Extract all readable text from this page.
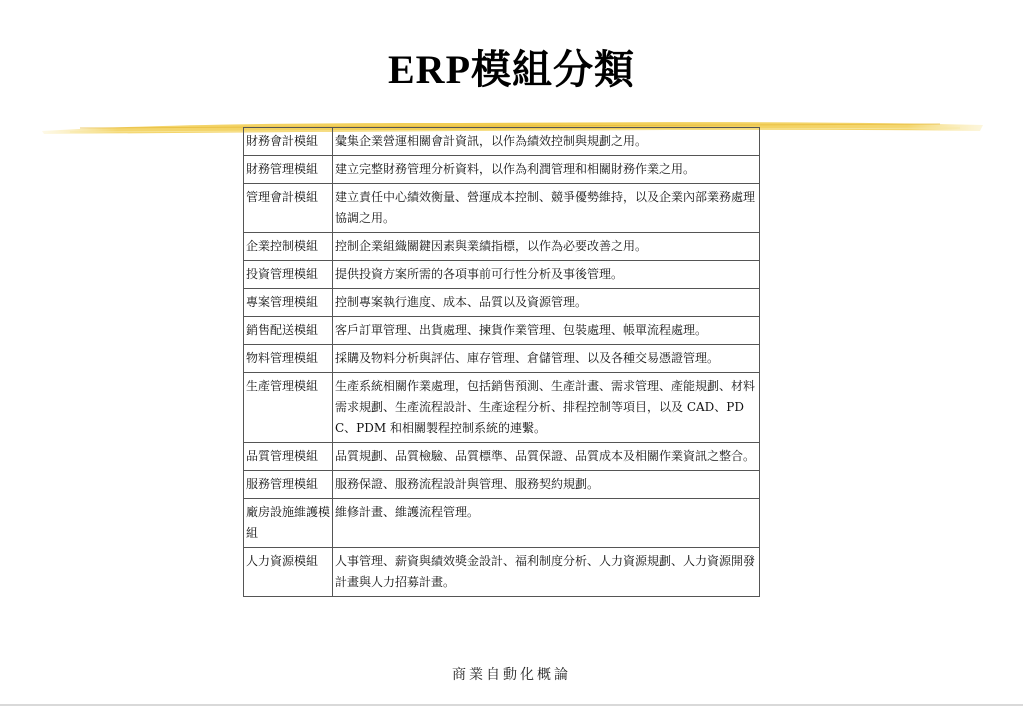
ERP模組分類
財務會計模組	彙集企業營運相關會計資訊，以作為績效控制與規劃之用。
財務管理模組	建立完整財務管理分析資料，以作為利潤管理和相關財務作業之用。
管理會計模組	建立責任中心績效衡量、營運成本控制、競爭優勢維持，以及企業內部業務處理協調之用。
企業控制模組	控制企業組織關鍵因素與業績指標，以作為必要改善之用。
投資管理模組	提供投資方案所需的各項事前可行性分析及事後管理。
專案管理模組	控制專案執行進度、成本、品質以及資源管理。
銷售配送模組	客戶訂單管理、出貨處理、揀貨作業管理、包裝處理、帳單流程處理。
物料管理模組	採購及物料分析與評估、庫存管理、倉儲管理、以及各種交易憑證管理。
生產管理模組	生產系統相關作業處理，包括銷售預測、生產計畫、需求管理、產能規劃、材料需求規劃、生產流程設計、生產途程分析、排程控制等項目，以及 CAD、PDC、PDM 和相關製程控制系統的連繫。
品質管理模組	品質規劃、品質檢驗、品質標準、品質保證、品質成本及相關作業資訊之整合。
服務管理模組	服務保證、服務流程設計與管理、服務契約規劃。
廠房設施維護模組	維修計畫、維護流程管理。
人力資源模組	人事管理、薪資與績效獎金設計、福利制度分析、人力資源規劃、人力資源開發計畫與人力招募計畫。
商業自動化概論
